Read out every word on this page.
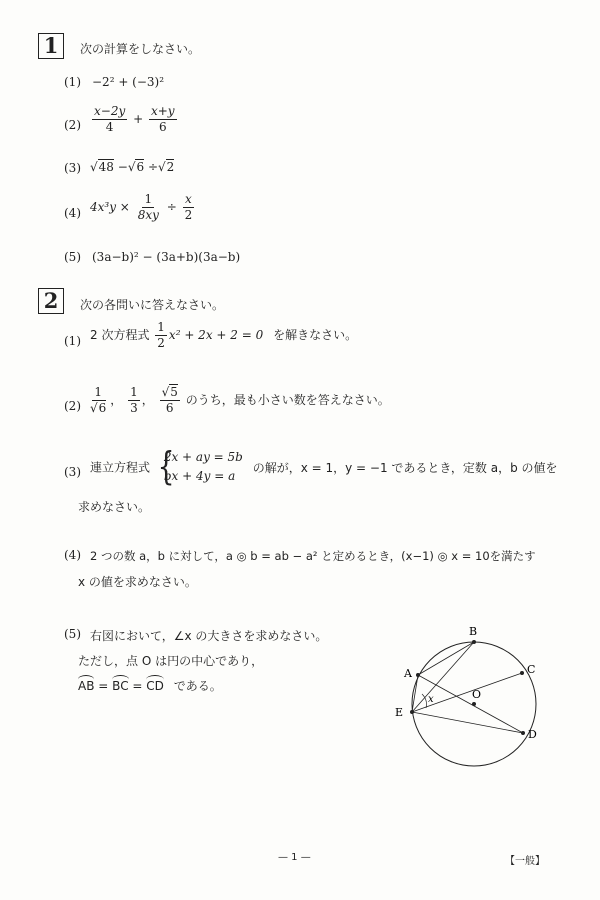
1	次の計算をしなさい。
(1) −2² + (−3)²
$(2) \frac{x-2y}{4} + \frac{x+y}{6}$
(3) √48 −√6 ÷√2
(4) $4x^3y \times \frac{1}{8xy} \div \frac{x}{2}$
(5) (3a−b)² − (3a+b)(3a−b)
2	次の各問いに答えなさい。
(1) 2 次方程式 $\frac{1}{2} x^2 + 2x + 2 = 0$ を解きなさい。
$(2) \frac{1}{√6}$ ， $\frac{1}{3}$ ， $\frac{√5}{6}$ のうち，最も小さい数を答えなさい。
(3) 連立方程式 {
2x + ay = 5b
bx + 4y = a
の解が，x = 1，y = −1 であるとき，定数 a，b の値を
求めなさい。
(4) 2 つの数 a，b に対して，a ◎ b = ab − a² と定めるとき，(x−1) ◎ x = 10を満たす
x の値を求めなさい。
(5) 右図において，∠x の大きさを求めなさい。
ただし，点 O は円の中心であり，
AB = BC = CD である。
A
B
C
D
E
O
x
— 1 —	【一般】
